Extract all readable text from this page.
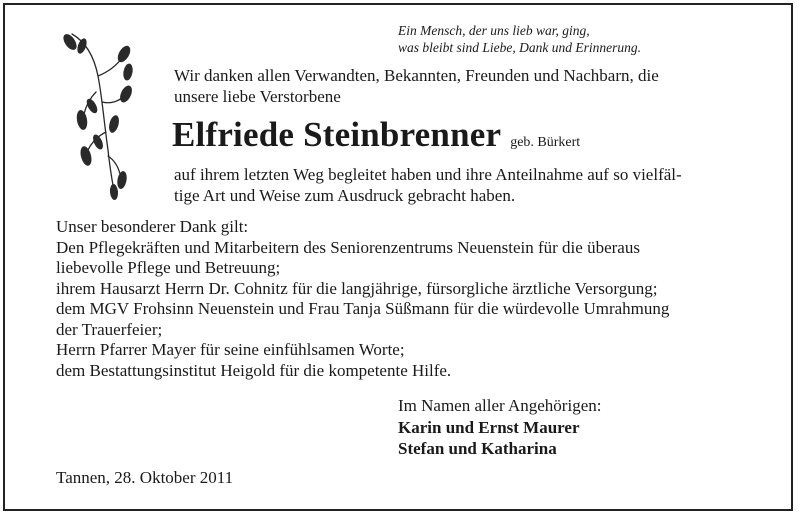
Ein Mensch, der uns lieb war, ging,
was bleibt sind Liebe, Dank und Erinnerung.
Wir danken allen Verwandten, Bekannten, Freunden und Nachbarn, die
unsere liebe Verstorbene
Elfriede Steinbrenner geb. Bürkert
auf ihrem letzten Weg begleitet haben und ihre Anteilnahme auf so vielfäl-
tige Art und Weise zum Ausdruck gebracht haben.
Unser besonderer Dank gilt:
Den Pflegekräften und Mitarbeitern des Seniorenzentrums Neuenstein für die überaus
liebevolle Pflege und Betreuung;
ihrem Hausarzt Herrn Dr. Cohnitz für die langjährige, fürsorgliche ärztliche Versorgung;
dem MGV Frohsinn Neuenstein und Frau Tanja Süßmann für die würdevolle Umrahmung
der Trauerfeier;
Herrn Pfarrer Mayer für seine einfühlsamen Worte;
dem Bestattungsinstitut Heigold für die kompetente Hilfe.
Im Namen aller Angehörigen:
Karin und Ernst Maurer
Stefan und Katharina
Tannen, 28. Oktober 2011
